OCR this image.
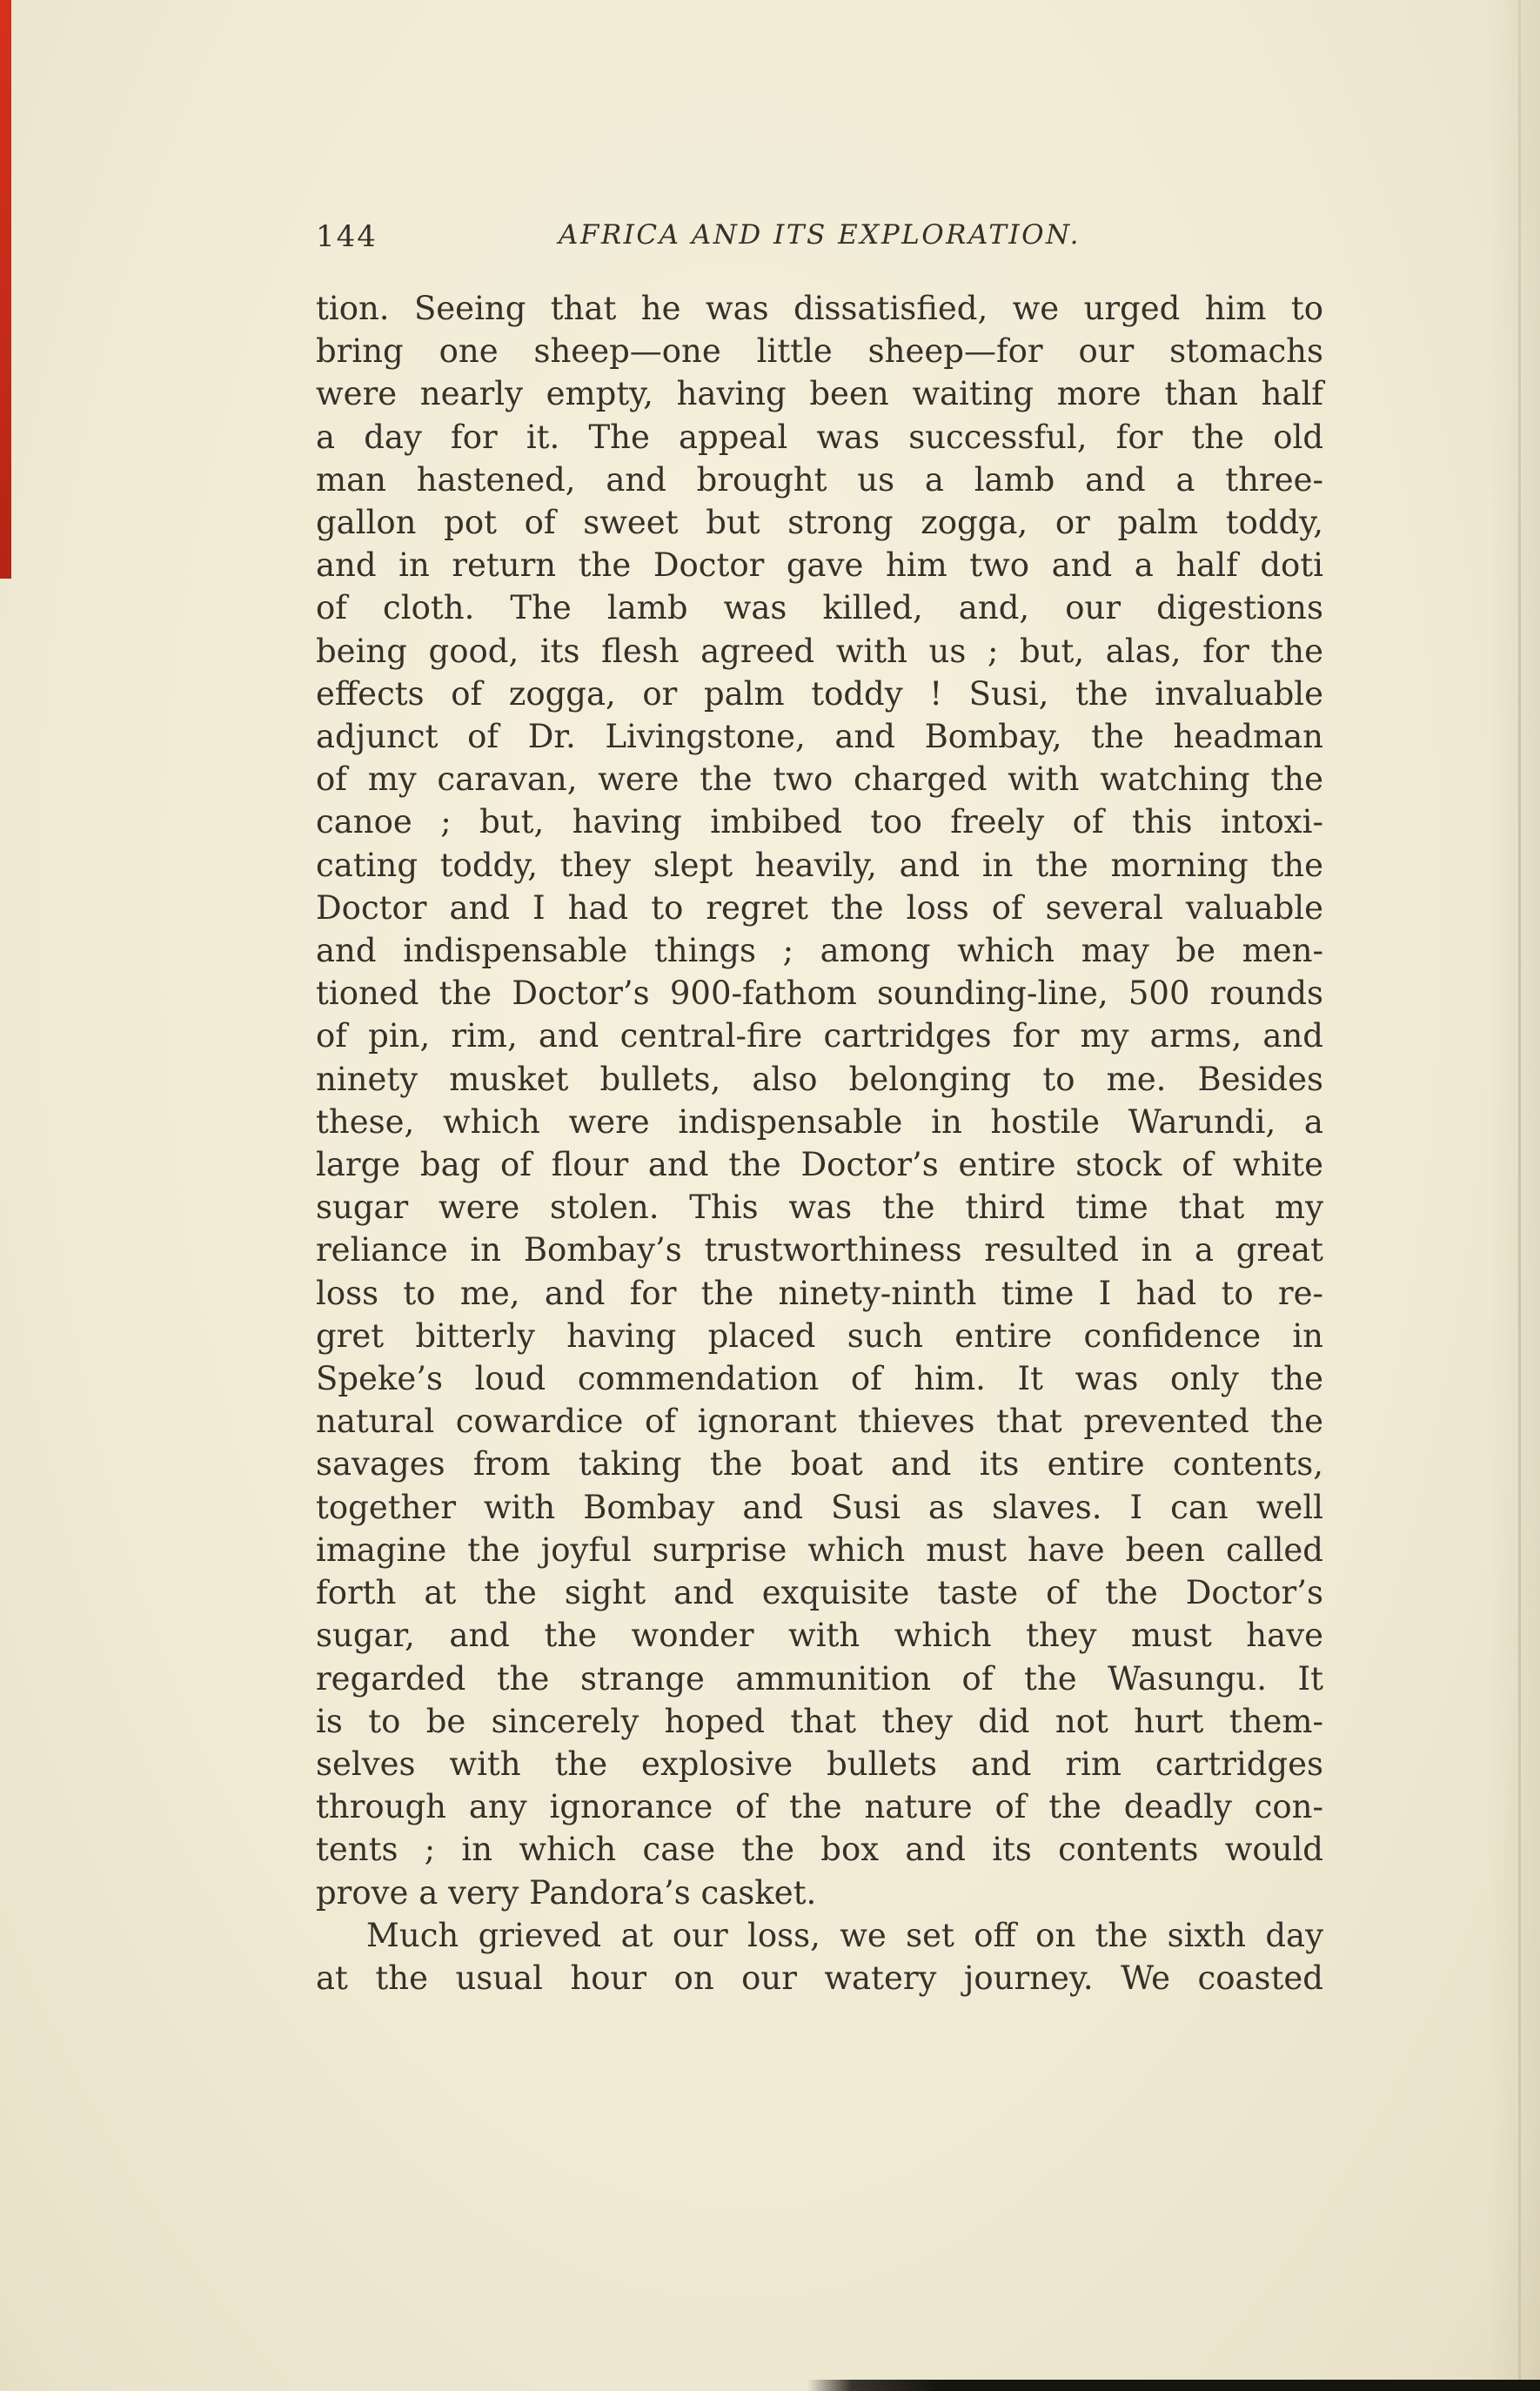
144	AFRICA AND ITS EXPLORATION.
tion. Seeing that he was dissatisfied, we urged him to
bring one sheep—one little sheep—for our stomachs
were nearly empty, having been waiting more than half
a day for it. The appeal was successful, for the old
man hastened, and brought us a lamb and a three-
gallon pot of sweet but strong zogga, or palm toddy,
and in return the Doctor gave him two and a half doti
of cloth. The lamb was killed, and, our digestions
being good, its flesh agreed with us ; but, alas, for the
effects of zogga, or palm toddy ! Susi, the invaluable
adjunct of Dr. Livingstone, and Bombay, the headman
of my caravan, were the two charged with watching the
canoe ; but, having imbibed too freely of this intoxi-
cating toddy, they slept heavily, and in the morning the
Doctor and I had to regret the loss of several valuable
and indispensable things ; among which may be men-
tioned the Doctor’s 900-fathom sounding-line, 500 rounds
of pin, rim, and central-fire cartridges for my arms, and
ninety musket bullets, also belonging to me. Besides
these, which were indispensable in hostile Warundi, a
large bag of flour and the Doctor’s entire stock of white
sugar were stolen. This was the third time that my
reliance in Bombay’s trustworthiness resulted in a great
loss to me, and for the ninety-ninth time I had to re-
gret bitterly having placed such entire confidence in
Speke’s loud commendation of him. It was only the
natural cowardice of ignorant thieves that prevented the
savages from taking the boat and its entire contents,
together with Bombay and Susi as slaves. I can well
imagine the joyful surprise which must have been called
forth at the sight and exquisite taste of the Doctor’s
sugar, and the wonder with which they must have
regarded the strange ammunition of the Wasungu. It
is to be sincerely hoped that they did not hurt them-
selves with the explosive bullets and rim cartridges
through any ignorance of the nature of the deadly con-
tents ; in which case the box and its contents would
prove a very Pandora’s casket.
Much grieved at our loss, we set off on the sixth day
at the usual hour on our watery journey. We coasted
